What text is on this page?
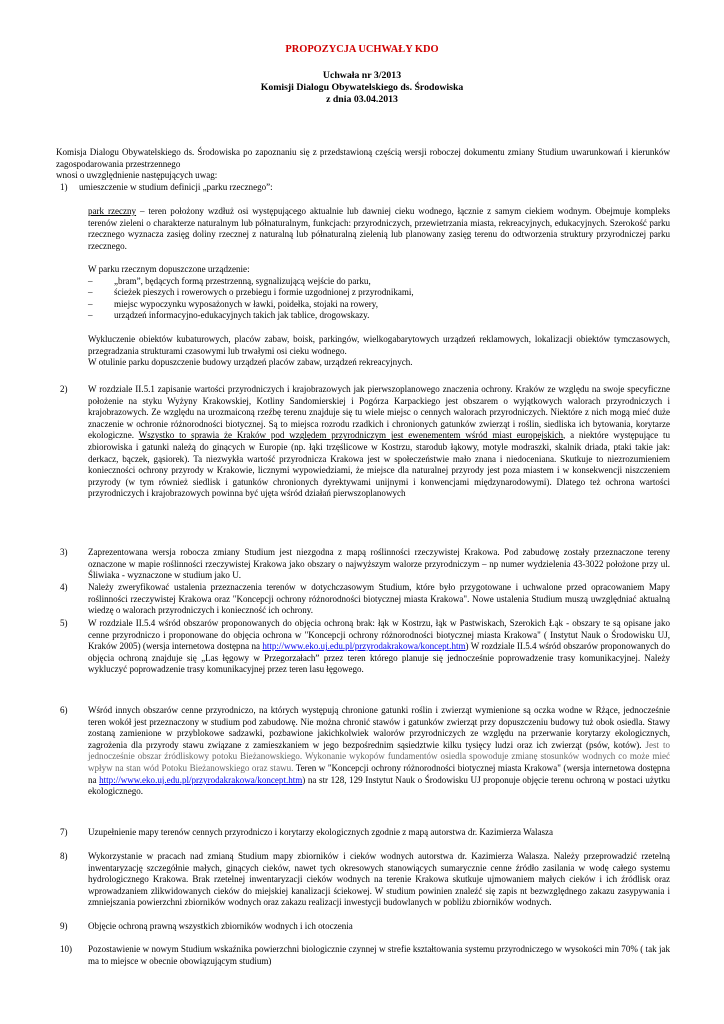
PROPOZYCJA UCHWAŁY KDO
Uchwała nr 3/2013
Komisji Dialogu Obywatelskiego ds. Środowiska
z dnia 03.04.2013

Komisja Dialogu Obywatelskiego ds. Środowiska po zapoznaniu się z przedstawioną częścią wersji roboczej dokumentu zmiany Studium uwarunkowań i kierunków zagospodarowania przestrzennego

wnosi o uwzględnienie następujących uwag:

1) umieszczenie w studium definicji „parku rzecznego”:

park rzeczny – teren położony wzdłuż osi występującego aktualnie lub dawniej cieku wodnego, łącznie z samym ciekiem wodnym. Obejmuje kompleks terenów zieleni o charakterze naturalnym lub półnaturalnym, funkcjach: przyrodniczych, przewietrzania miasta, rekreacyjnych, edukacyjnych. Szerokość parku rzecznego wyznacza zasięg doliny rzecznej z naturalną lub półnaturalną zielenią lub planowany zasięg terenu do odtworzenia struktury przyrodniczej parku rzecznego.

W parku rzecznym dopuszczone urządzenie:

–	„bram”, będących formą przestrzenną, sygnalizującą wejście do parku,
–	ścieżek pieszych i rowerowych o przebiegu i formie uzgodnionej z przyrodnikami,
–	miejsc wypoczynku wyposażonych w ławki, poidełka, stojaki na rowery,
–	urządzeń informacyjno-edukacyjnych takich jak tablice, drogowskazy.

Wykluczenie obiektów kubaturowych, placów zabaw, boisk, parkingów, wielkogabarytowych urządzeń reklamowych, lokalizacji obiektów tymczasowych, przegradzania strukturami czasowymi lub trwałymi osi cieku wodnego.

W otulinie parku dopuszczenie budowy urządzeń placów zabaw, urządzeń rekreacyjnych.

2) W rozdziale II.5.1 zapisanie wartości przyrodniczych i krajobrazowych jak pierwszoplanowego znaczenia ochrony. Kraków ze względu na swoje specyficzne położenie na styku Wyżyny Krakowskiej, Kotliny Sandomierskiej i Pogórza Karpackiego jest obszarem o wyjątkowych walorach przyrodniczych i krajobrazowych. Ze względu na urozmaiconą rzeźbę terenu znajduje się tu wiele miejsc o cennych walorach przyrodniczych. Niektóre z nich mogą mieć duże znaczenie w ochronie różnorodności biotycznej. Są to miejsca rozrodu rzadkich i chronionych gatunków zwierząt i roślin, siedliska ich bytowania, korytarze ekologiczne. Wszystko to sprawia że Kraków pod względem przyrodniczym jest ewenementem wśród miast europejskich, a niektóre występujące tu zbiorowiska i gatunki należą do ginących w Europie (np. łąki trzęślicowe w Kostrzu, starodub łąkowy, motyle modraszki, skalnik driada, ptaki takie jak: derkacz, bączek, gąsiorek). Ta niezwykła wartość przyrodnicza Krakowa jest w społeczeństwie mało znana i niedoceniana. Skutkuje to niezrozumieniem konieczności ochrony przyrody w Krakowie, licznymi wypowiedziami, że miejsce dla naturalnej przyrody jest poza miastem i w konsekwencji niszczeniem przyrody (w tym również siedlisk i gatunków chronionych dyrektywami unijnymi i konwencjami międzynarodowymi). Dlatego też ochrona wartości przyrodniczych i krajobrazowych powinna być ujęta wśród działań pierwszoplanowych

3) Zaprezentowana wersja robocza zmiany Studium jest niezgodna z mapą roślinności rzeczywistej Krakowa. Pod zabudowę zostały przeznaczone tereny oznaczone w mapie roślinności rzeczywistej Krakowa jako obszary o najwyższym walorze przyrodniczym – np numer wydzielenia 43-3022 położone przy ul. Śliwiaka - wyznaczone w studium jako U.
4) Należy zweryfikować ustalenia przeznaczenia terenów w dotychczasowym Studium, które było przygotowane i uchwalone przed opracowaniem Mapy roślinności rzeczywistej Krakowa oraz "Koncepcji ochrony różnorodności biotycznej miasta Krakowa". Nowe ustalenia Studium muszą uwzględniać aktualną wiedzę o walorach przyrodniczych i konieczność ich ochrony.
5) W rozdziale II.5.4 wśród obszarów proponowanych do objęcia ochroną brak: łąk w Kostrzu, łąk w Pastwiskach, Szerokich Łąk - obszary te są opisane jako cenne przyrodniczo i proponowane do objęcia ochrona w "Koncepcji ochrony różnorodności biotycznej miasta Krakowa" ( Instytut Nauk o Środowisku UJ, Kraków 2005) (wersja internetowa dostępna na http://www.eko.uj.edu.pl/przyrodakrakowa/koncept.htm) W rozdziale II.5.4 wśród obszarów proponowanych do objęcia ochroną znajduje się „Las łęgowy w Przegorzałach” przez teren którego planuje się jednocześnie poprowadzenie trasy komunikacyjnej. Należy wykluczyć poprowadzenie trasy komunikacyjnej przez teren lasu łęgowego.

6) Wśród innych obszarów cenne przyrodniczo, na których występują chronione gatunki roślin i zwierząt wymienione są oczka wodne w Rżące, jednocześnie teren wokół jest przeznaczony w studium pod zabudowę. Nie można chronić stawów i gatunków zwierząt przy dopuszczeniu budowy tuż obok osiedla. Stawy zostaną zamienione w przyblokowe sadzawki, pozbawione jakichkolwiek walorów przyrodniczych ze względu na przerwanie korytarzy ekologicznych, zagrożenia dla przyrody stawu związane z zamieszkaniem w jego bezpośrednim sąsiedztwie kilku tysięcy ludzi oraz ich zwierząt (psów, kotów). Jest to jednocześnie obszar źródliskowy potoku Bieżanowskiego. Wykonanie wykopów fundamentów osiedla spowoduje zmianę stosunków wodnych co może mieć wpływ na stan wód Potoku Bieżanowskiego oraz stawu. Teren w "Koncepcji ochrony różnorodności biotycznej miasta Krakowa" (wersja internetowa dostępna na http://www.eko.uj.edu.pl/przyrodakrakowa/koncept.htm) na str 128, 129 Instytut Nauk o Środowisku UJ proponuje objęcie terenu ochroną w postaci użytku ekologicznego.

7) Uzupełnienie mapy terenów cennych przyrodniczo i korytarzy ekologicznych zgodnie z mapą autorstwa dr. Kazimierza Walasza
8) Wykorzystanie w pracach nad zmianą Studium mapy zbiorników i cieków wodnych autorstwa dr. Kazimierza Walasza. Należy przeprowadzić rzetelną inwentaryzację szczegółnie małych, ginących cieków, nawet tych okresowych stanowiących sumarycznie cenne źródło zasilania w wodę całego systemu hydrologicznego Krakowa. Brak rzetelnej inwentaryzacji cieków wodnych na terenie Krakowa skutkuje ujmowaniem małych cieków i ich źródlisk oraz wprowadzaniem zlikwidowanych cieków do miejskiej kanalizacji ściekowej. W studium powinien znaleźć się zapis nt bezwzględnego zakazu zasypywania i zmniejszania powierzchni zbiorników wodnych oraz zakazu realizacji inwestycji budowlanych w pobliżu zbiorników wodnych.
9) Objęcie ochroną prawną wszystkich zbiorników wodnych i ich otoczenia
10) Pozostawienie w nowym Studium wskaźnika powierzchni biologicznie czynnej w strefie kształtowania systemu przyrodniczego w wysokości min 70% ( tak jak ma to miejsce w obecnie obowiązującym studium)
